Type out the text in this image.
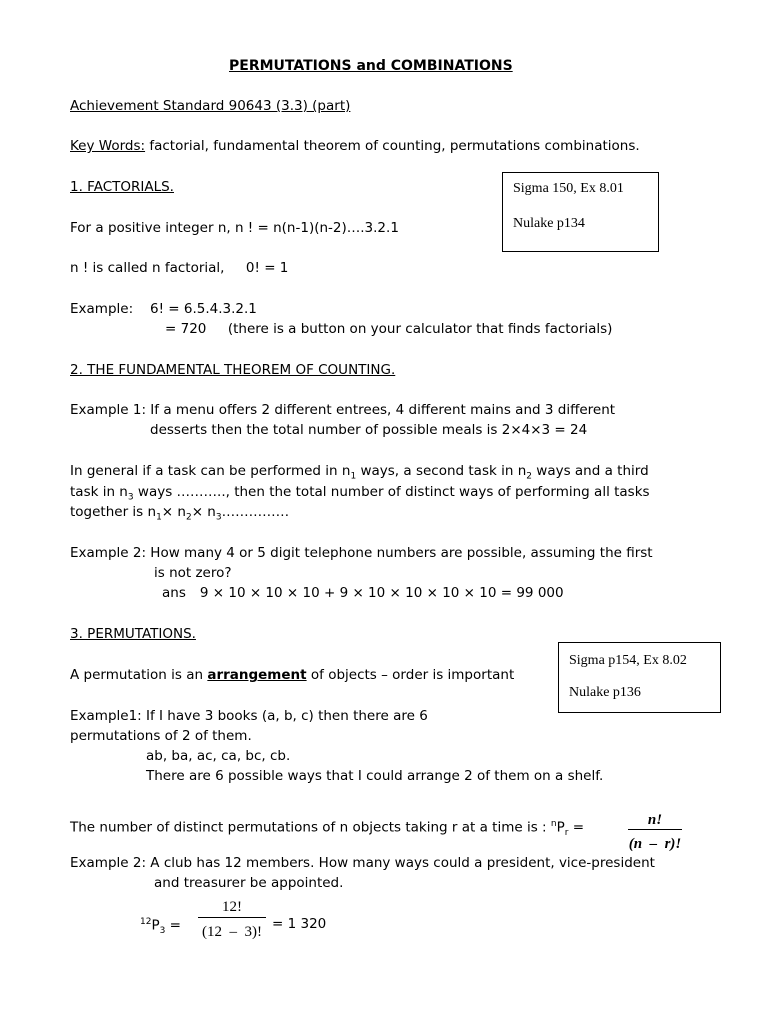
PERMUTATIONS and COMBINATIONS
Achievement Standard 90643 (3.3) (part)
Key Words: factorial, fundamental theorem of counting, permutations combinations.
Sigma 150, Ex 8.01
Nulake p134
1. FACTORIALS.
For a positive integer n, n ! = n(n-1)(n-2)….3.2.1
n ! is called n factorial,     0! = 1
Example: 6! = 6.5.4.3.2.1
= 720     (there is a button on your calculator that finds factorials)
2. THE FUNDAMENTAL THEOREM OF COUNTING.
Example 1: If a menu offers 2 different entrees, 4 different mains and 3 different
desserts then the total number of possible meals is 2×4×3 = 24
In general if a task can be performed in $n_1$ ways, a second task in $n_2$ ways and a third
task in $n_3$ ways ……….., then the total number of distinct ways of performing all tasks
together is $n_1\times n_2\times$ $n_3\dots\dots\dots\dots\dots$
Example 2: How many 4 or 5 digit telephone numbers are possible, assuming the first
is not zero?
ans 9 × 10 × 10 × 10 + 9 × 10 × 10 × 10 × 10 = 99 000
Sigma p154, Ex 8.02
Nulake p136
3. PERMUTATIONS.
A permutation is an arrangement of objects – order is important
Example1: If I have 3 books (a, b, c) then there are 6
permutations of 2 of them.
ab, ba, ac, ca, bc, cb.
There are 6 possible ways that I could arrange 2 of them on a shelf.
The number of distinct permutations of n objects taking r at a time is : $^nP_r$ =	n!
(n  –  r)!
Example 2: A club has 12 members. How many ways could a president, vice-president
and treasurer be appointed.
$^{12}P_3$ =
12!
(12  –  3)! = 1 320
